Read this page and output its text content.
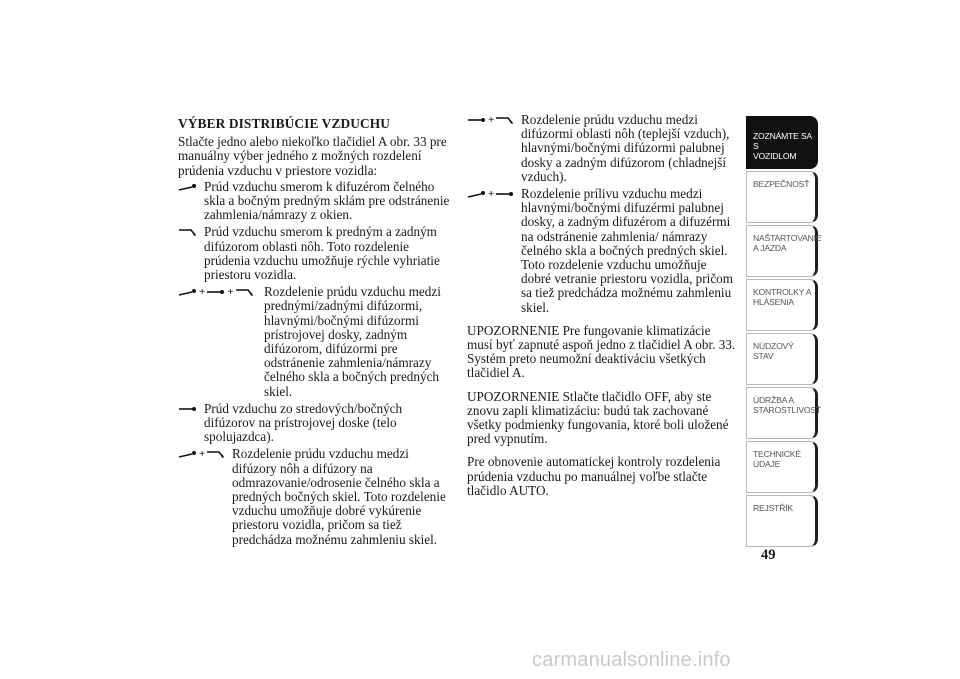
VÝBER DISTRIBÚCIE VZDUCHU
Stlačte jedno alebo niekoľko tlačidiel A obr. 33 pre manuálny výber jedného z možných rozdelení prúdenia vzduchu v priestore vozidla:
Prúd vzduchu smerom k difuzérom čelného skla a bočným predným sklám pre odstránenie zahmlenia/námrazy z okien.
Prúd vzduchu smerom k predným a zadným difúzorom oblasti nôh. Toto rozdelenie prúdenia vzduchu umožňuje rýchle vyhriatie priestoru vozidla.
+ +	Rozdelenie prúdu vzduchu medzi prednými/zadnými difúzormi, hlavnými/bočnými difúzormi prístrojovej dosky, zadným difúzorom, difúzormi pre odstránenie zahmlenia/námrazy čelného skla a bočných predných skiel.
Prúd vzduchu zo stredových/bočných difúzorov na prístrojovej doske (telo spolujazdca).
+	Rozdelenie prúdu vzduchu medzi difúzory nôh a difúzory na odmrazovanie/odrosenie čelného skla a predných bočných skiel. Toto rozdelenie vzduchu umožňuje dobré vykúrenie priestoru vozidla, pričom sa tiež predchádza možnému zahmleniu skiel.
+	Rozdelenie prúdu vzduchu medzi difúzormi oblasti nôh (teplejší vzduch), hlavnými/bočnými difúzormi palubnej dosky a zadným difúzorom (chladnejší vzduch).
+	Rozdelenie prílivu vzduchu medzi hlavnými/bočnými difuzérmi palubnej dosky, a zadným difuzérom a difuzérmi na odstránenie zahmlenia/ námrazy čelného skla a bočných predných skiel. Toto rozdelenie vzduchu umožňuje dobré vetranie priestoru vozidla, pričom sa tiež predchádza možnému zahmleniu skiel.
UPOZORNENIE Pre fungovanie klimatizácie musí byť zapnuté aspoň jedno z tlačidiel A obr. 33. Systém preto neumožní deaktiváciu všetkých tlačidiel A.
UPOZORNENIE Stlačte tlačidlo OFF, aby ste znovu zapli klimatizáciu: budú tak zachované všetky podmienky fungovania, ktoré boli uložené pred vypnutím.
Pre obnovenie automatickej kontroly rozdelenia prúdenia vzduchu po manuálnej voľbe stlačte tlačidlo AUTO.
ZOZNÁMTE SA S
VOZIDLOM
BEZPEČNOSŤ
NAŠTARTOVANIE
A JAZDA
KONTROLKY A
HLÁSENIA
NÚDZOVÝ STAV
ÚDRŽBA A
STAROSTLIVOSŤ
TECHNICKÉ
ÚDAJE
REJSTŘÍK
49
carmanualsonline.info
